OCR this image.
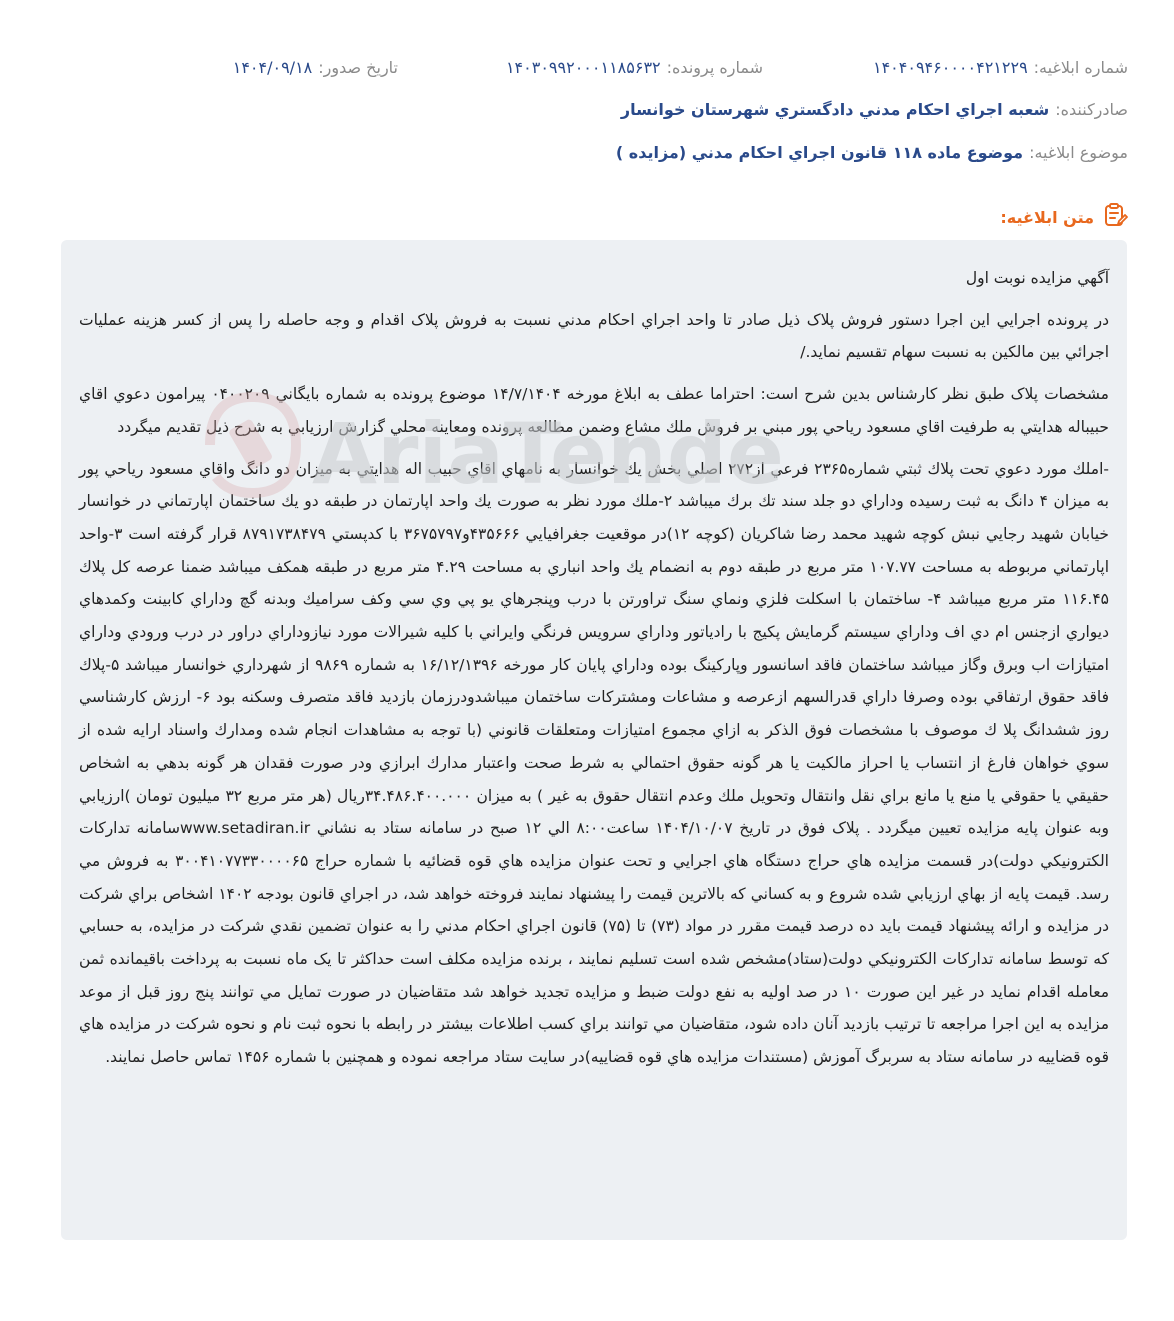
شماره ابلاغيه:۱۴۰۴۰۹۴۶۰۰۰۰۴۲۱۲۲۹
شماره پرونده:۱۴۰۳۰۹۹۲۰۰۰۱۱۸۵۶۳۲
تاريخ صدور:۱۴۰۴/۰۹/۱۸
صادرکننده:شعبه اجراي احکام مدني دادگستري شهرستان خوانسار
موضوع ابلاغيه:موضوع ماده ۱۱۸ قانون اجراي احکام مدني (مزايده )
متن ابلاغيه:

آگهي مزايده نوبت اول

در پرونده اجرايي اين اجرا دستور فروش پلاک ذيل صادر تا واحد اجراي احکام مدني نسبت به فروش پلاک اقدام و وجه حاصله را پس از کسر هزينه عمليات اجرائي بين مالکين به نسبت سهام تقسيم نمايد./

مشخصات پلاک طبق نظر کارشناس بدين شرح است: احتراما عطف به ابلاغ مورخه ۱۴/۷/۱۴۰۴ موضوع پرونده به شماره بايگاني ۰۴۰۰۲۰۹ پيرامون دعوي اقاي حبيباله هدايتي به طرفيت اقاي مسعود رياحي پور مبني بر فروش ملك مشاع وضمن مطالعه پرونده ومعاينه محلي گزارش ارزيابي به شرح ذيل تقديم ميگردد

-املك مورد دعوي تحت پلاك ثبتي شماره۲۳۶۵ فرعي از۲۷۲ اصلي بخش يك خوانسار به نامهاي اقاي حبيب اله هدايتي به ميزان دو دانگ واقاي مسعود رياحي پور به ميزان ۴ دانگ به ثبت رسيده وداراي دو جلد سند تك برك ميباشد ۲-ملك مورد نظر به صورت يك واحد اپارتمان در طبقه دو يك ساختمان اپارتماني در خوانسار خيابان شهيد رجايي نبش كوچه شهيد محمد رضا شاكريان (كوچه ۱۲)در موقعيت جغرافيايي ۴۳۵۶۶۶و۳۶۷۵۷۹۷ با كدپستي ۸۷۹۱۷۳۸۴۷۹ قرار گرفته است ۳-واحد اپارتماني مربوطه به مساحت ۱۰۷.۷۷ متر مربع در طبقه دوم به انضمام يك واحد انباري به مساحت ۴.۲۹ متر مربع در طبقه همكف ميباشد ضمنا عرصه كل پلاك ۱۱۶.۴۵ متر مربع ميباشد ۴- ساختمان با اسكلت فلزي ونماي سنگ تراورتن با درب وپنجرهاي يو پي وي سي وكف سراميك وبدنه گچ وداراي كابينت وكمدهاي ديواري ازجنس ام دي اف وداراي سيستم گرمايش پكيج با رادياتور وداراي سرويس فرنگي وايراني با كليه شيرالات مورد نيازوداراي دراور در درب ورودي وداراي امتيازات اب وبرق وگاز ميباشد ساختمان فاقد اسانسور وپاركينگ بوده وداراي پايان كار مورخه ۱۶/۱۲/۱۳۹۶ به شماره ۹۸۶۹ از شهرداري خوانسار ميباشد ۵-پلاك فاقد حقوق ارتفاقي بوده وصرفا داراي قدرالسهم ازعرصه و مشاعات ومشتركات ساختمان ميباشدودرزمان بازديد فاقد متصرف وسكنه بود ۶- ارزش كارشناسي روز ششدانگ پلا ك موصوف با مشخصات فوق الذكر به ازاي مجموع امتيازات ومتعلقات قانوني (با توجه به مشاهدات انجام شده ومدارك واسناد ارايه شده از سوي خواهان فارغ از انتساب يا احراز مالكيت يا هر گونه حقوق احتمالي به شرط صحت واعتبار مدارك ابرازي ودر صورت فقدان هر گونه بدهي به اشخاص حقيقي يا حقوقي يا منع يا مانع براي نقل وانتقال وتحويل ملك وعدم انتقال حقوق به غير ) به ميزان ۳۴.۴۸۶.۴۰۰.۰۰۰ريال (هر متر مربع ۳۲ ميليون تومان )ارزيابي وبه عنوان پايه مزايده تعيين ميگردد . پلاک فوق در تاريخ ۱۴۰۴/۱۰/۰۷ ساعت۸:۰۰ الي ۱۲ صبح در سامانه ستاد به نشاني www.setadiran.irسامانه تدارکات الکترونيکي دولت)در قسمت مزايده هاي حراج دستگاه هاي اجرايي و تحت عنوان مزايده هاي قوه قضائيه با شماره حراج ۳۰۰۴۱۰۷۷۳۳۰۰۰۰۶۵ به فروش مي رسد. قيمت پايه از بهاي ارزيابي شده شروع و به کساني که بالاترين قيمت را پيشنهاد نمايند فروخته خواهد شد، در اجراي قانون بودجه ۱۴۰۲ اشخاص براي شرکت در مزايده و ارائه پيشنهاد قيمت بايد ده درصد قيمت مقرر در مواد (۷۳) تا (۷۵) قانون اجراي احکام مدني را به عنوان تضمين نقدي شرکت در مزايده، به حسابي که توسط سامانه تدارکات الکترونيکي دولت(ستاد)مشخص شده است تسليم نمايند ، برنده مزايده مکلف است حداکثر تا يک ماه نسبت به پرداخت باقيمانده ثمن معامله اقدام نمايد در غير اين صورت ۱۰ در صد اوليه به نفع دولت ضبط و مزايده تجديد خواهد شد متقاضيان در صورت تمايل مي توانند پنج روز قبل از موعد مزايده به اين اجرا مراجعه تا ترتيب بازديد آنان داده شود، متقاضيان مي توانند براي کسب اطلاعات بيشتر در رابطه با نحوه ثبت نام و نحوه شرکت در مزايده هاي قوه قضاييه در سامانه ستاد به سربرگ آموزش (مستندات مزايده هاي قوه قضاييه)در سايت ستاد مراجعه نموده و همچنين با شماره ۱۴۵۶ تماس حاصل نمايند.

AriaTende
